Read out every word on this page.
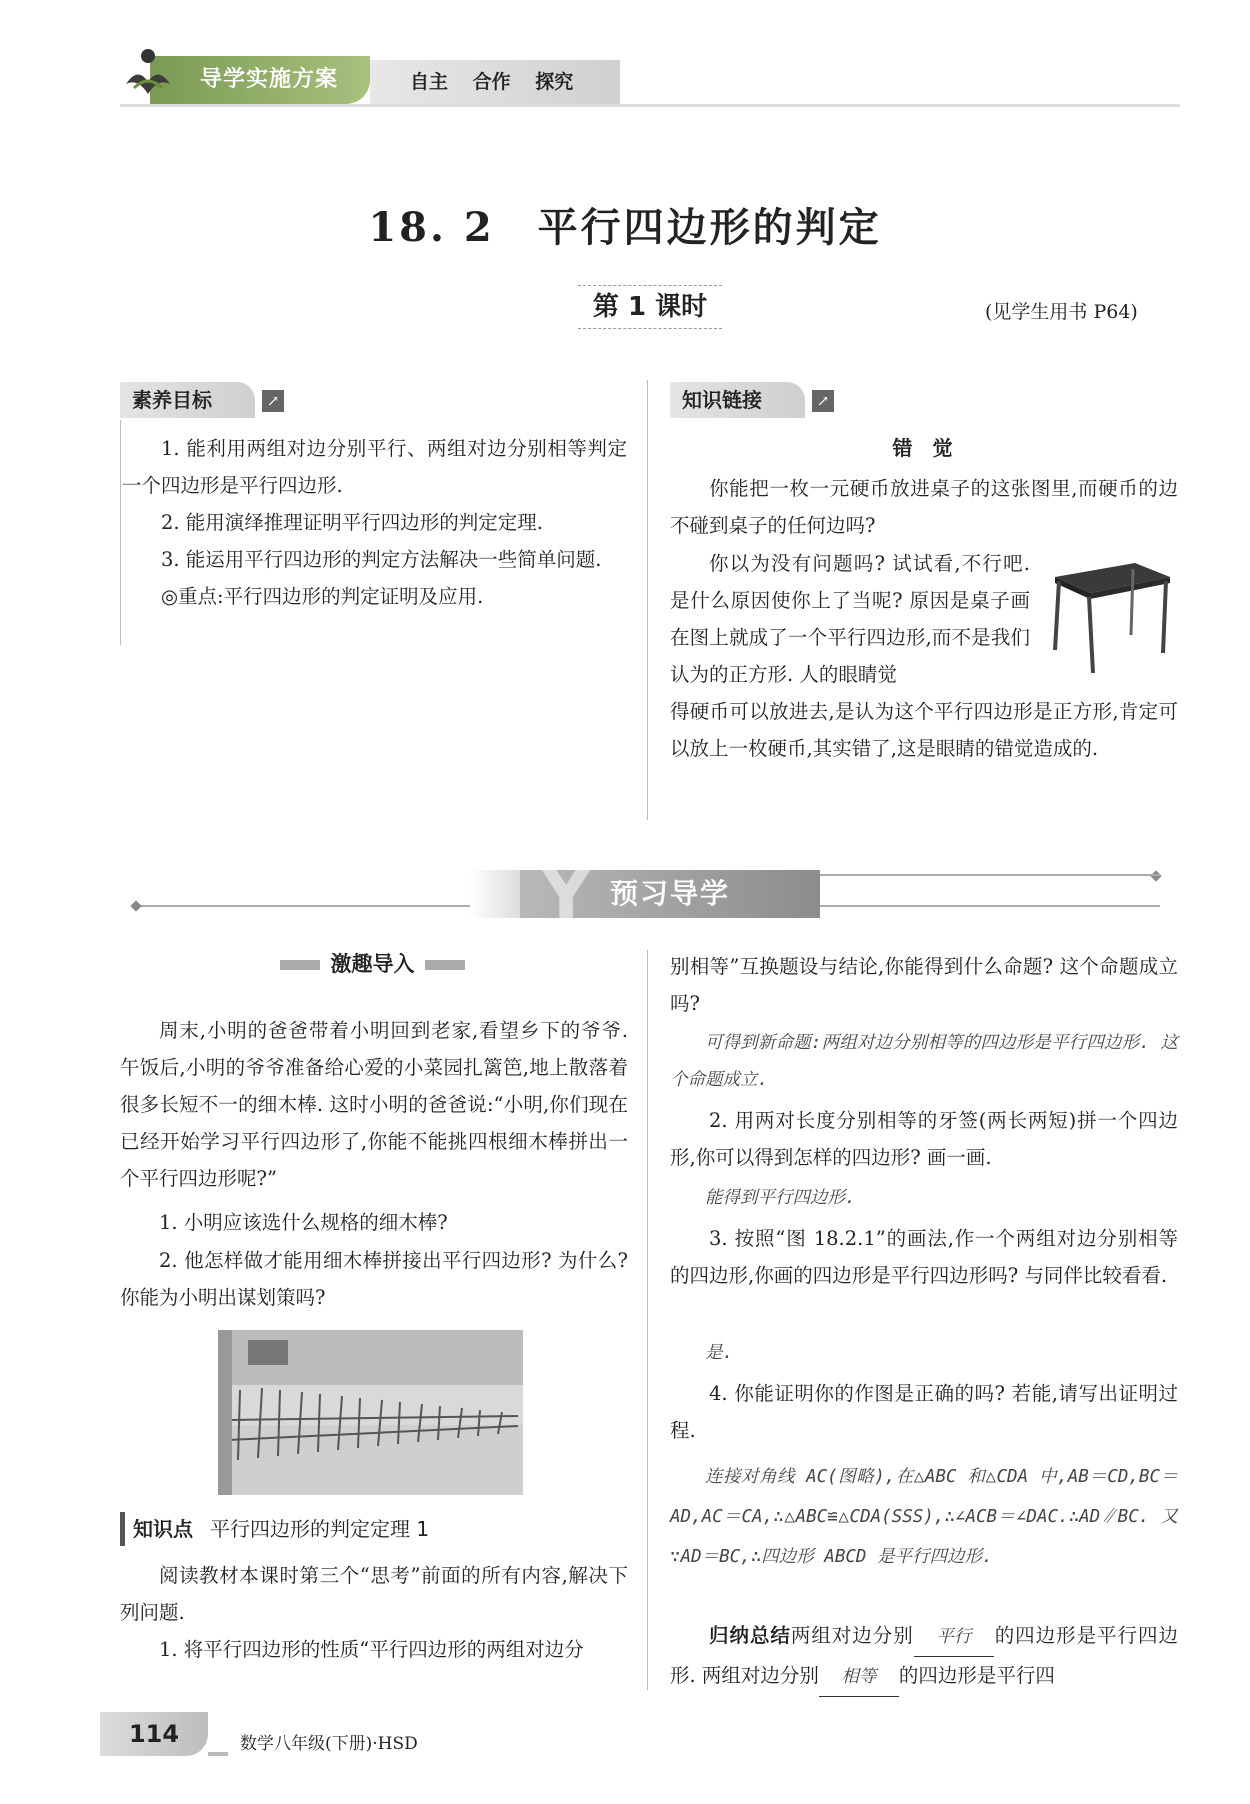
自主 合作 探究
导学实施方案
18. 2　平行四边形的判定
第 1 课时	(见学生用书 P64)
素养目标	↗

1. 能利用两组对边分别平行、两组对边分别相等判定一个四边形是平行四边形.

2. 能用演绎推理证明平行四边形的判定定理.

3. 能运用平行四边形的判定方法解决一些简单问题.

◎重点:平行四边形的判定证明及应用.

知识链接	↗
错　觉
你能把一枚一元硬币放进桌子的这张图里,而硬币的边不碰到桌子的任何边吗?
你以为没有问题吗? 试试看,不行吧. 是什么原因使你上了当呢? 原因是桌子画在图上就成了一个平行四边形,而不是我们认为的正方形. 人的眼睛觉
得硬币可以放进去,是认为这个平行四边形是正方形,肯定可以放上一枚硬币,其实错了,这是眼睛的错觉造成的.
预习导学
Y
激趣导入
周末,小明的爸爸带着小明回到老家,看望乡下的爷爷. 午饭后,小明的爷爷准备给心爱的小菜园扎篱笆,地上散落着很多长短不一的细木棒. 这时小明的爸爸说:“小明,你们现在已经开始学习平行四边形了,你能不能挑四根细木棒拼出一个平行四边形呢?”
1. 小明应该选什么规格的细木棒?
2. 他怎样做才能用细木棒拼接出平行四边形? 为什么? 你能为小明出谋划策吗?
知识点 平行四边形的判定定理 1
阅读教材本课时第三个“思考”前面的所有内容,解决下列问题.
1. 将平行四边形的性质“平行四边形的两组对边分
别相等”互换题设与结论,你能得到什么命题? 这个命题成立吗?
可得到新命题:两组对边分别相等的四边形是平行四边形. 这个命题成立.
2. 用两对长度分别相等的牙签(两长两短)拼一个四边形,你可以得到怎样的四边形? 画一画.
能得到平行四边形.
3. 按照“图 18.2.1”的画法,作一个两组对边分别相等的四边形,你画的四边形是平行四边形吗? 与同伴比较看看.
是.
4. 你能证明你的作图是正确的吗? 若能,请写出证明过程.
连接对角线 AC(图略),在△ABC 和△CDA 中,AB＝CD,BC＝AD,AC＝CA,∴△ABC≌△CDA(SSS),∴∠ACB＝∠DAC.∴AD∥BC. 又∵AD＝BC,∴四边形 ABCD 是平行四边形.
归纳总结两组对边分别 平行 的四边形是平行四边形. 两组对边分别 相等 的四边形是平行四
114	数学八年级(下册)·HSD
